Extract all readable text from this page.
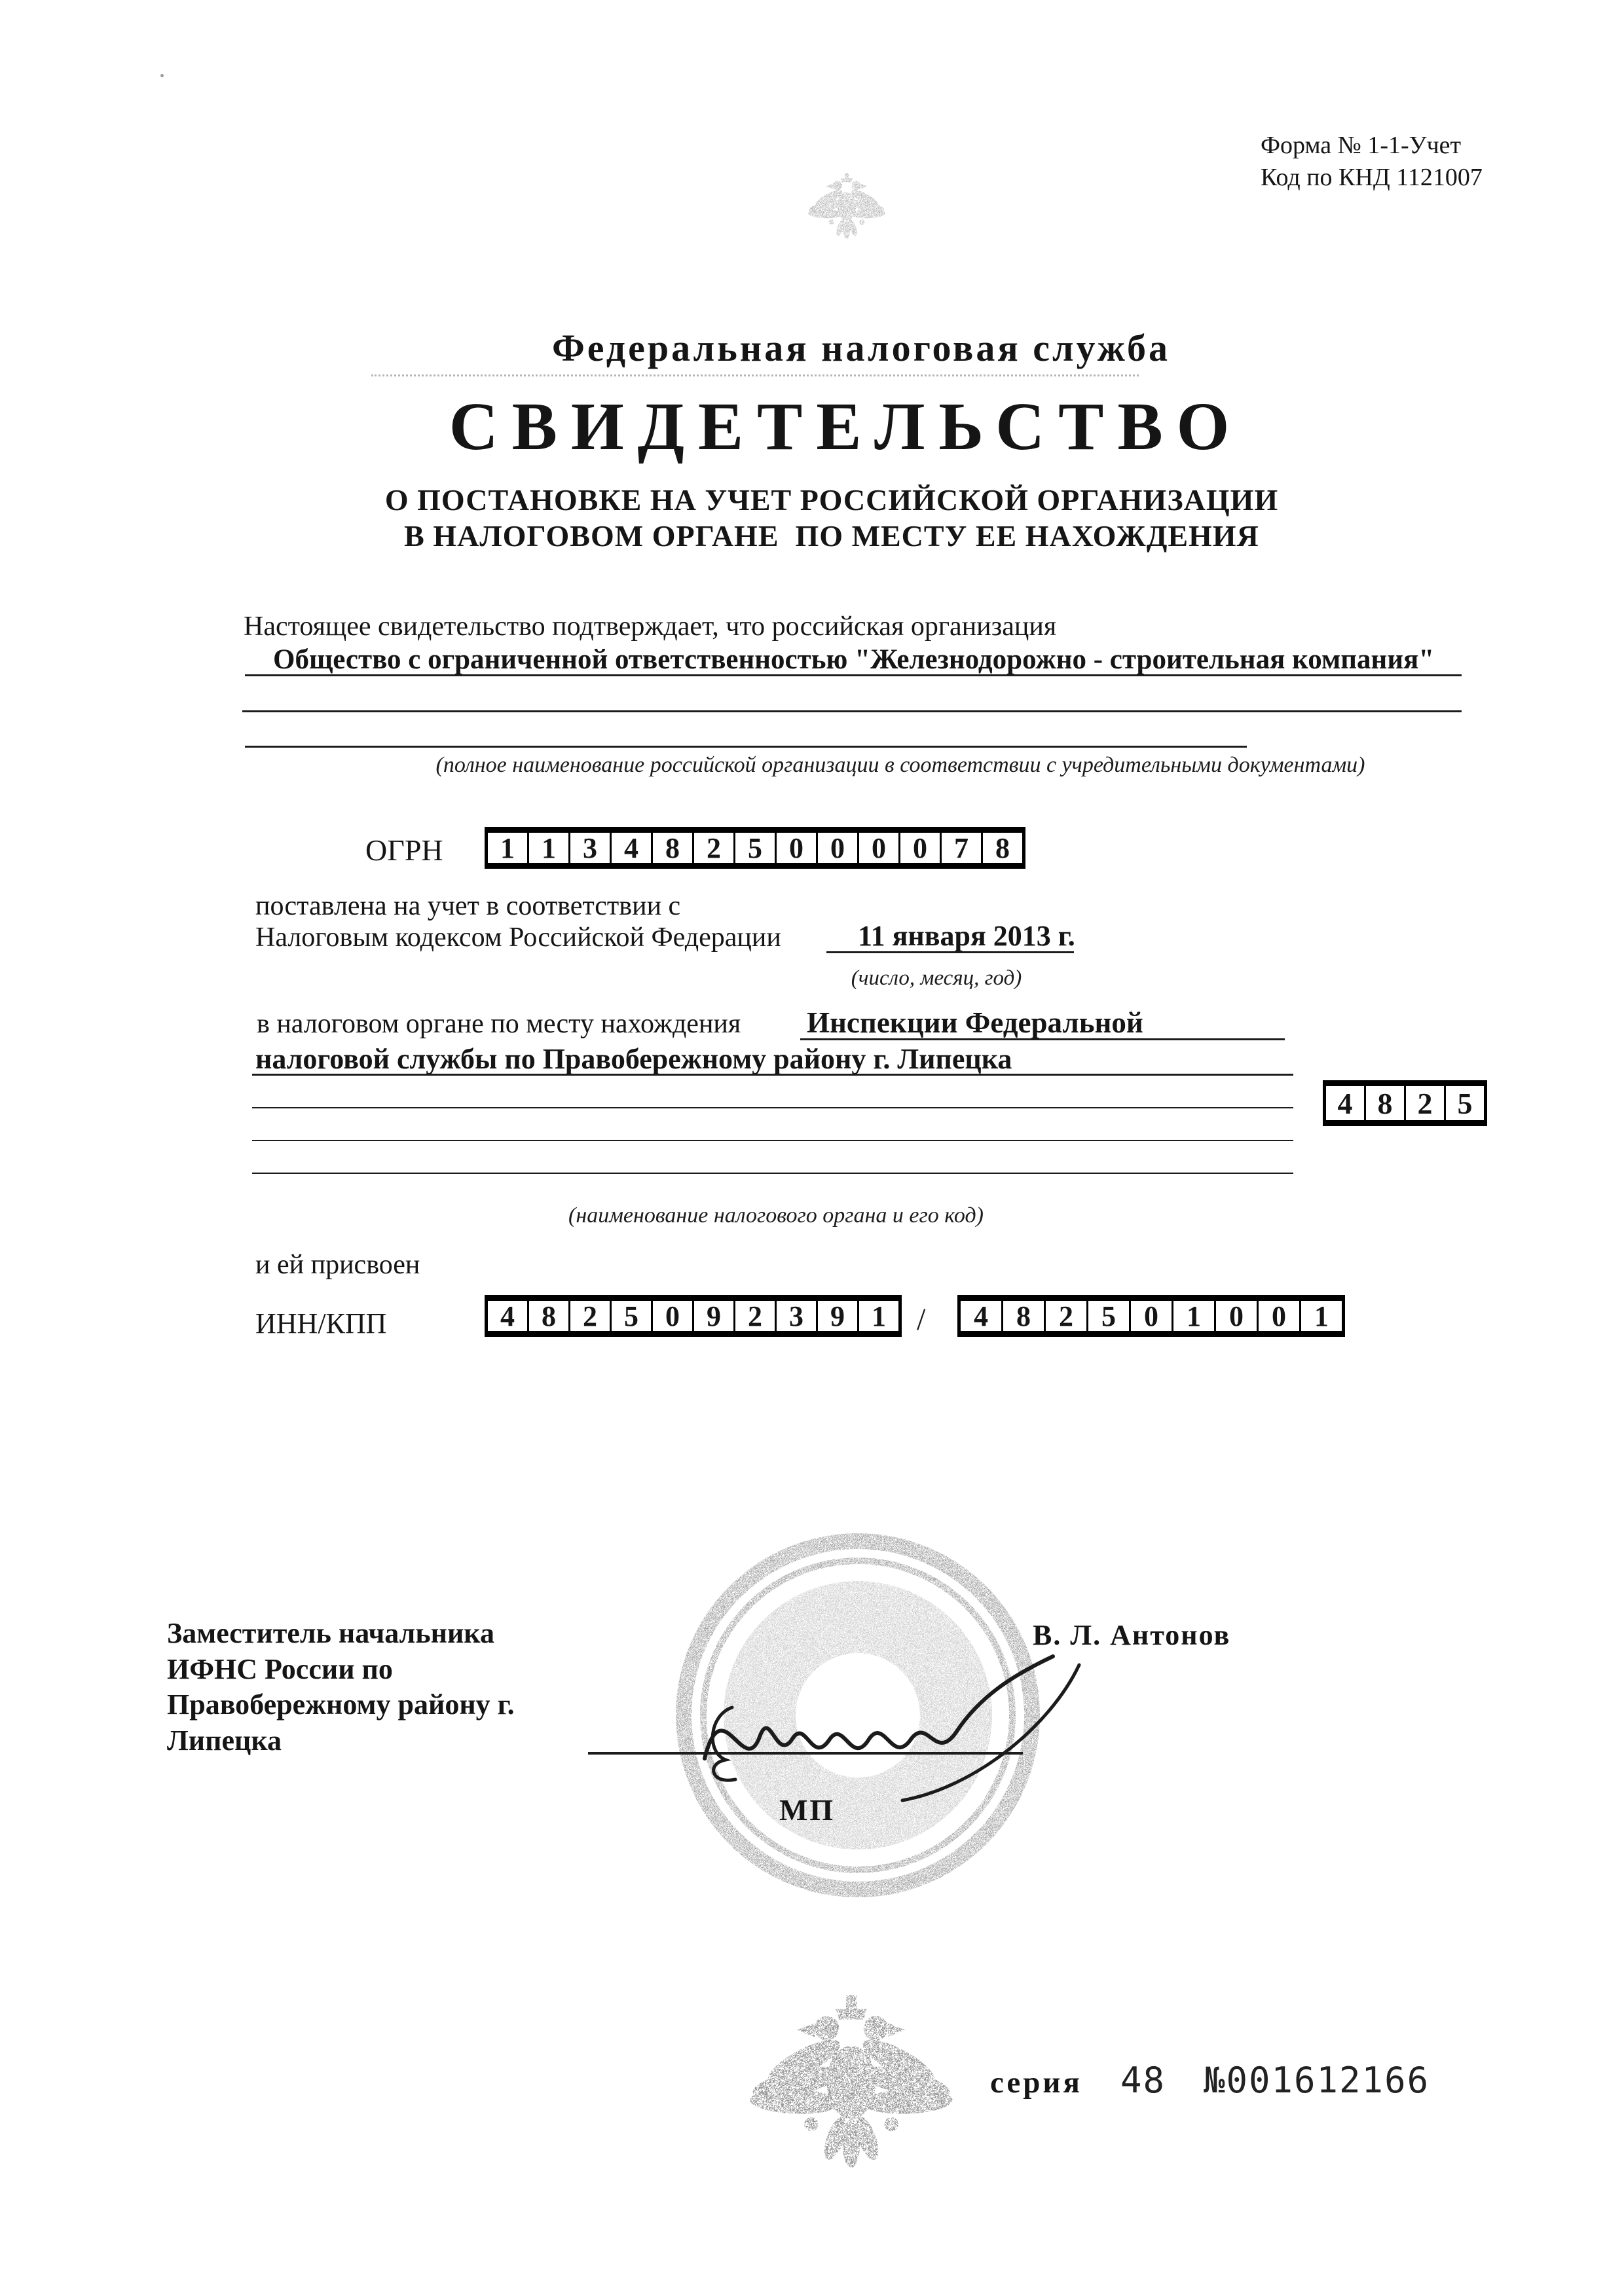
Форма № 1-1-Учет
Код по КНД 1121007
Федеральная налоговая служба
СВИДЕТЕЛЬСТВО
О ПОСТАНОВКЕ НА УЧЕТ РОССИЙСКОЙ ОРГАНИЗАЦИИ
В НАЛОГОВОМ ОРГАНЕ  ПО МЕСТУ ЕЕ НАХОЖДЕНИЯ
Настоящее свидетельство подтверждает, что российская организация
Общество с ограниченной ответственностью "Железнодорожно - строительная компания"
(полное наименование российской организации в соответствии с учредительными документами)
ОГРН	1 1 3 4 8 2 5 0 0 0 0 7 8
поставлена на учет в соответствии с
Налоговым кодексом Российской Федерации	11 января 2013 г.
(число, месяц, год)
в налоговом органе по месту нахождения Инспекции Федеральной
налоговой службы по Правобережному району г. Липецка
4 8 2 5
(наименование налогового органа и его код)
и ей присвоен
ИНН/КПП	4 8 2 5 0 9 2 3 9 1 /	4 8 2 5 0 1 0 0 1
Заместитель начальника
ИФНС России по
Правобережному району г.
Липецка
В. Л. Антонов
МП
серия 48 №001612166
